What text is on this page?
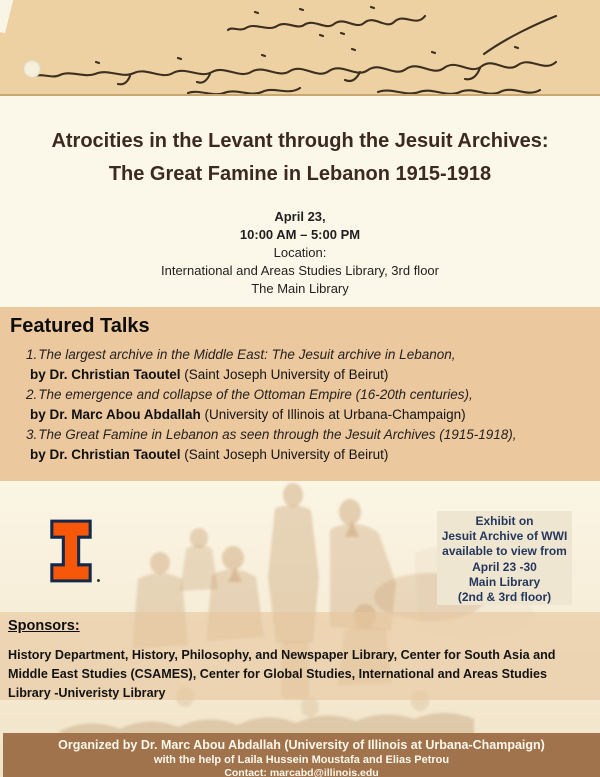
Atrocities in the Levant through the Jesuit Archives:
The Great Famine in Lebanon 1915-1918
April 23,
10:00 AM – 5:00 PM
Location:
International and Areas Studies Library, 3rd floor
The Main Library
Featured Talks
1.The largest archive in the Middle East: The Jesuit archive in Lebanon,
by Dr. Christian Taoutel (Saint Joseph University of Beirut)
2.The emergence and collapse of the Ottoman Empire (16-20th centuries),
by Dr. Marc Abou Abdallah (University of Illinois at Urbana-Champaign)
3.The Great Famine in Lebanon as seen through the Jesuit Archives (1915-1918),
by Dr. Christian Taoutel (Saint Joseph University of Beirut)
Exhibit on
Jesuit Archive of WWI
available to view from
April 23 -30
Main Library
(2nd & 3rd floor)
Sponsors:
History Department, History, Philosophy, and Newspaper Library, Center for South Asia and Middle East Studies (CSAMES), Center for Global Studies, International and Areas Studies Library -Univeristy Library
Organized by Dr. Marc Abou Abdallah (University of Illinois at Urbana-Champaign)
with the help of Laila Hussein Moustafa and Elias Petrou
Contact: marcabd@illinois.edu
